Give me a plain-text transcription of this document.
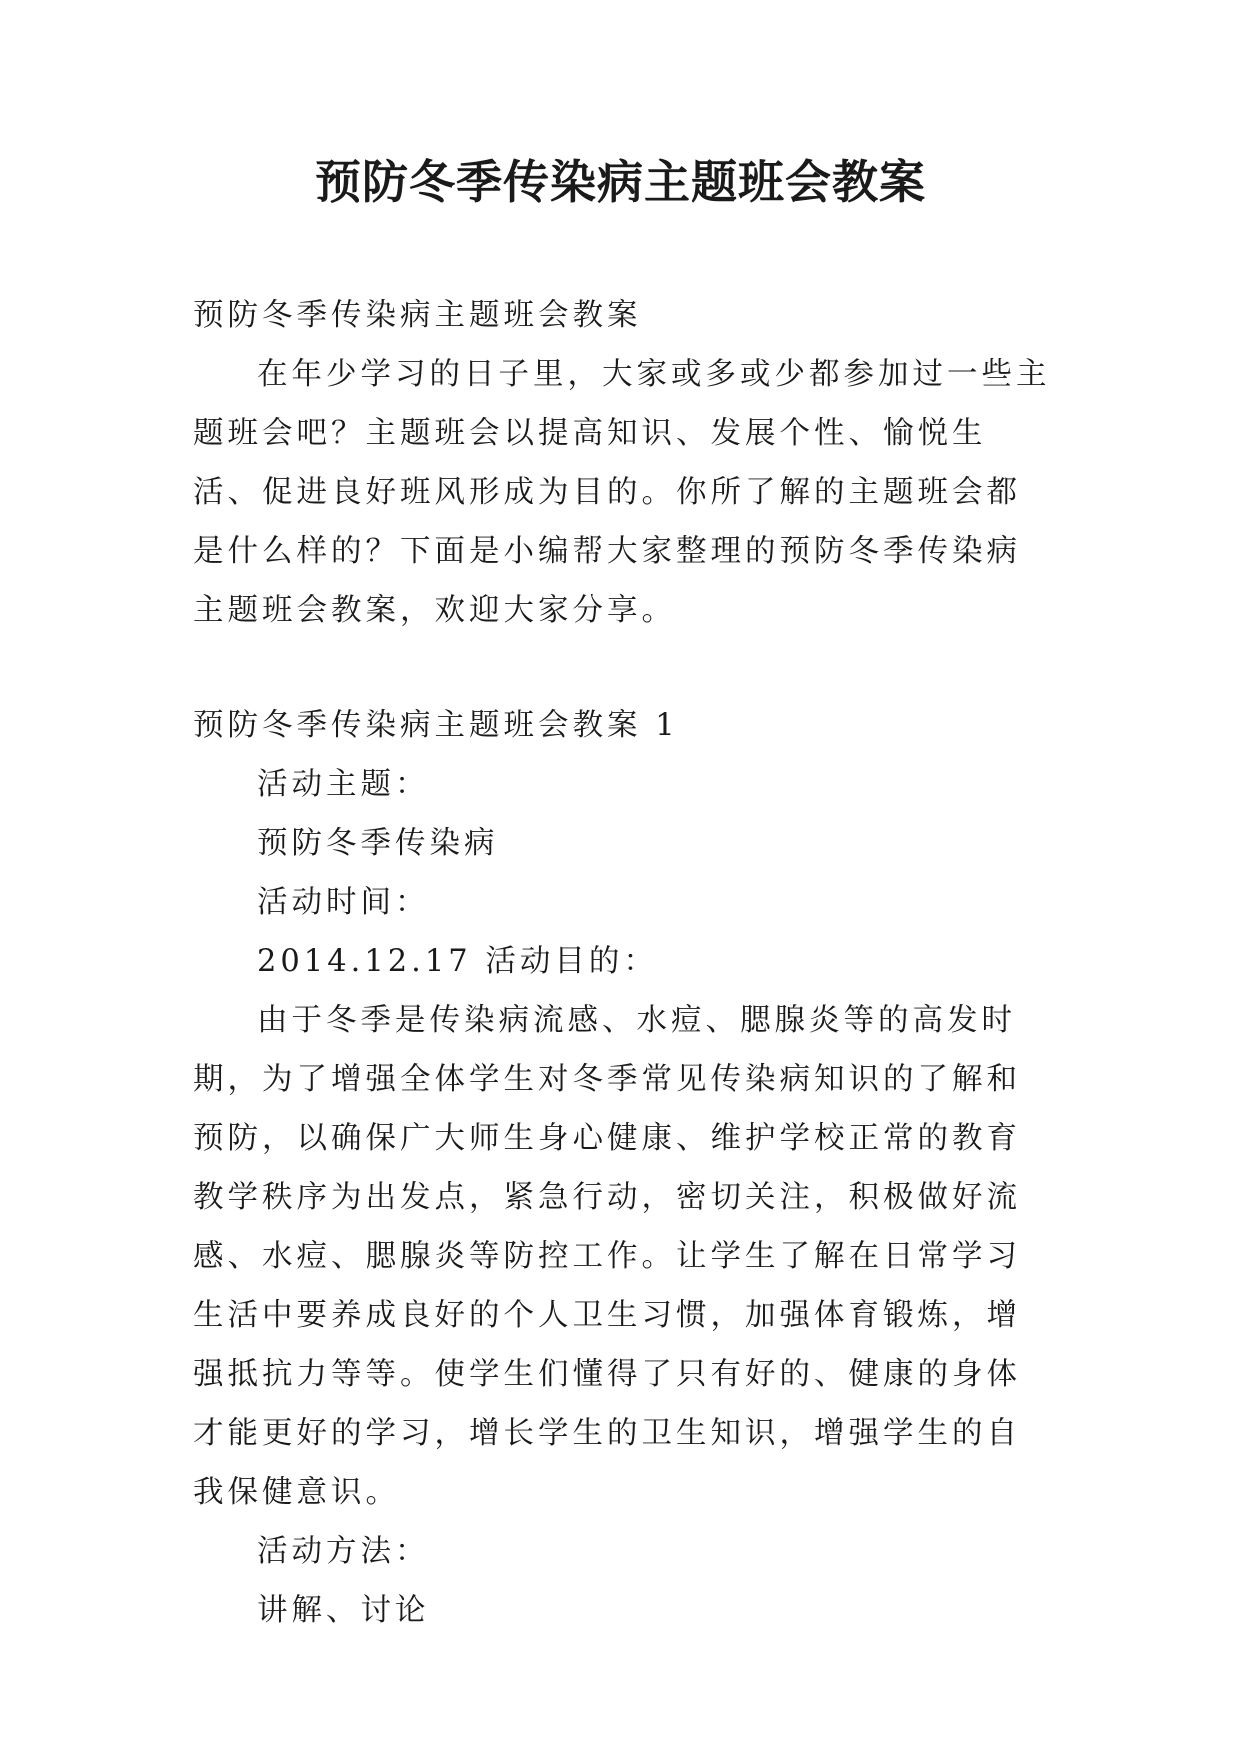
预防冬季传染病主题班会教案

预防冬季传染病主题班会教案

在年少学习的日子里，大家或多或少都参加过一些主题班会吧？主题班会以提高知识、发展个性、愉悦生活、促进良好班风形成为目的。你所了解的主题班会都是什么样的？下面是小编帮大家整理的预防冬季传染病主题班会教案，欢迎大家分享。

预防冬季传染病主题班会教案 1

活动主题：

预防冬季传染病

活动时间：

2014.12.17 活动目的：

由于冬季是传染病流感、水痘、腮腺炎等的高发时期，为了增强全体学生对冬季常见传染病知识的了解和预防，以确保广大师生身心健康、维护学校正常的教育教学秩序为出发点，紧急行动，密切关注，积极做好流感、水痘、腮腺炎等防控工作。让学生了解在日常学习生活中要养成良好的个人卫生习惯，加强体育锻炼，增强抵抗力等等。使学生们懂得了只有好的、健康的身体才能更好的学习，增长学生的卫生知识，增强学生的自我保健意识。

活动方法：

讲解、讨论
